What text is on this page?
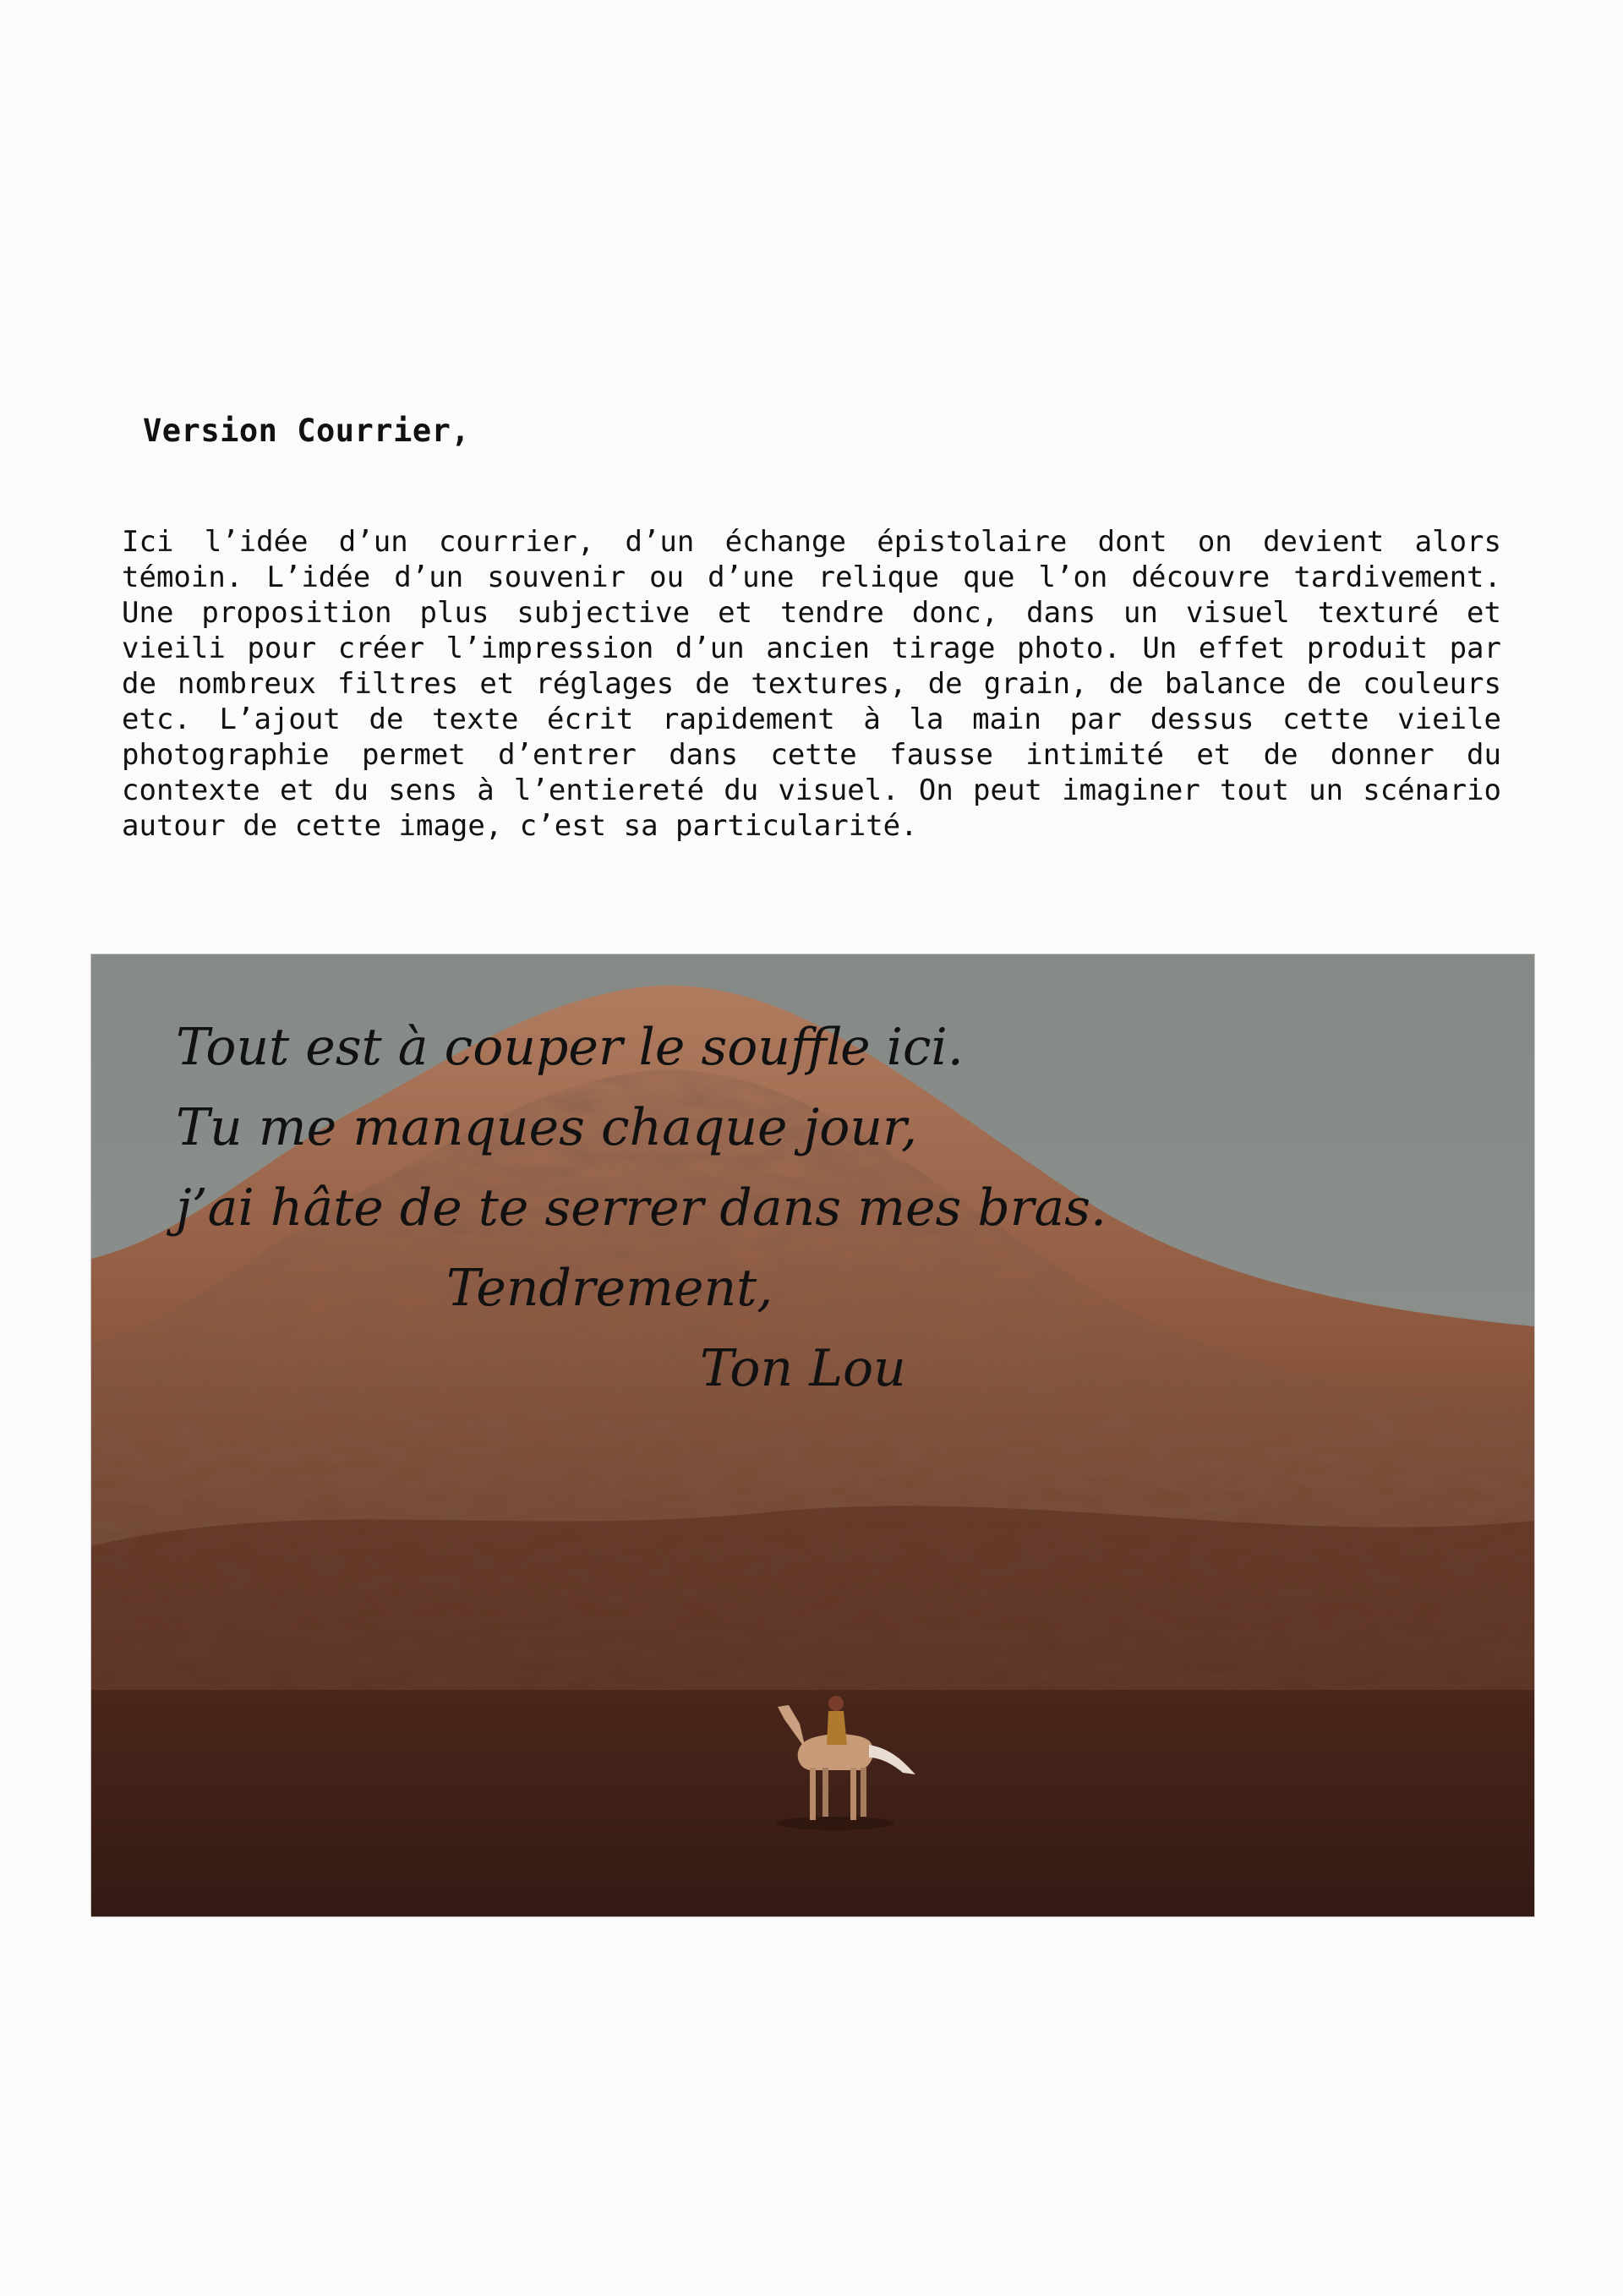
Version Courrier,

Ici l’idée d’un courrier, d’un échange épistolaire dont on devient alors témoin. L’idée d’un souvenir ou d’une relique que l’on découvre tardivement. Une proposition plus subjective et tendre donc, dans un visuel texturé et vieili pour créer l’impression d’un ancien tirage photo. Un effet produit par de nombreux filtres et réglages de textures, de grain, de balance de couleurs etc. L’ajout de texte écrit rapidement à la main par dessus cette vieile photographie permet d’entrer dans cette fausse intimité et de donner du contexte et du sens à l’entiereté du visuel. On peut imaginer tout un scénario autour de cette image, c’est sa particularité.

Tout est à couper le souffle ici.
Tu me manques chaque jour,
j’ai hâte de te serrer dans mes bras.
Tendrement,
Ton Lou
